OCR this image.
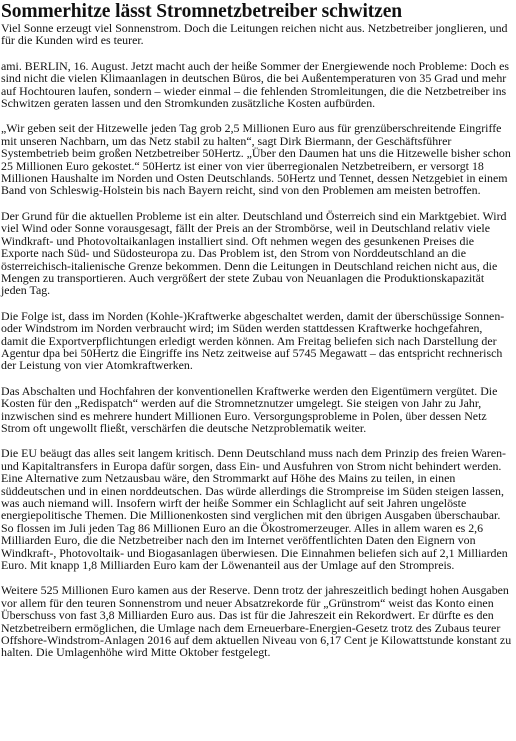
Sommerhitze lässt Stromnetzbetreiber schwitzen

Viel Sonne erzeugt viel Sonnenstrom. Doch die Leitungen reichen nicht aus. Netzbetreiber jonglieren, und für die Kunden wird es teurer.

ami. BERLIN, 16. August. Jetzt macht auch der heiße Sommer der Energiewende noch Probleme: Doch es sind nicht die vielen Klimaanlagen in deutschen Büros, die bei Außentemperaturen von 35 Grad und mehr auf Hochtouren laufen, sondern – wieder einmal – die fehlenden Stromleitungen, die die Netzbetreiber ins Schwitzen geraten lassen und den Stromkunden zusätzliche Kosten aufbürden.

„Wir geben seit der Hitzewelle jeden Tag grob 2,5 Millionen Euro aus für grenzüberschreitende Eingriffe mit unseren Nachbarn, um das Netz stabil zu halten“, sagt Dirk Biermann, der Geschäftsführer Systembetrieb beim großen Netzbetreiber 50Hertz. „Über den Daumen hat uns die Hitzewelle bisher schon 25 Millionen Euro gekostet.“ 50Hertz ist einer von vier überregionalen Netzbetreibern, er versorgt 18 Millionen Haushalte im Norden und Osten Deutschlands. 50Hertz und Tennet, dessen Netzgebiet in einem Band von Schleswig-Holstein bis nach Bayern reicht, sind von den Problemen am meisten betroffen.

Der Grund für die aktuellen Probleme ist ein alter. Deutschland und Österreich sind ein Marktgebiet. Wird viel Wind oder Sonne vorausgesagt, fällt der Preis an der Strombörse, weil in Deutschland relativ viele Windkraft- und Photovoltaikanlagen installiert sind. Oft nehmen wegen des gesunkenen Preises die Exporte nach Süd- und Südosteuropa zu. Das Problem ist, den Strom von Norddeutschland an die österreichisch-italienische Grenze bekommen. Denn die Leitungen in Deutschland reichen nicht aus, die Mengen zu transportieren. Auch vergrößert der stete Zubau von Neuanlagen die Produktionskapazität jeden Tag.

Die Folge ist, dass im Norden (Kohle-)Kraftwerke abgeschaltet werden, damit der überschüssige Sonnen- oder Windstrom im Norden verbraucht wird; im Süden werden stattdessen Kraftwerke hochgefahren, damit die Exportverpflichtungen erledigt werden können. Am Freitag beliefen sich nach Darstellung der Agentur dpa bei 50Hertz die Eingriffe ins Netz zeitweise auf 5745 Megawatt – das entspricht rechnerisch der Leistung von vier Atomkraftwerken.

Das Abschalten und Hochfahren der konventionellen Kraftwerke werden den Eigentümern vergütet. Die Kosten für den „Redispatch“ werden auf die Stromnetznutzer umgelegt. Sie steigen von Jahr zu Jahr, inzwischen sind es mehrere hundert Millionen Euro. Versorgungsprobleme in Polen, über dessen Netz Strom oft ungewollt fließt, verschärfen die deutsche Netzproblematik weiter.

Die EU beäugt das alles seit langem kritisch. Denn Deutschland muss nach dem Prinzip des freien Waren- und Kapitaltransfers in Europa dafür sorgen, dass Ein- und Ausfuhren von Strom nicht behindert werden. Eine Alternative zum Netzausbau wäre, den Strommarkt auf Höhe des Mains zu teilen, in einen süddeutschen und in einen norddeutschen. Das würde allerdings die Strompreise im Süden steigen lassen, was auch niemand will. Insofern wirft der heiße Sommer ein Schlaglicht auf seit Jahren ungelöste energiepolitische Themen. Die Millionenkosten sind verglichen mit den übrigen Ausgaben überschaubar. So flossen im Juli jeden Tag 86 Millionen Euro an die Ökostromerzeuger. Alles in allem waren es 2,6 Milliarden Euro, die die Netzbetreiber nach den im Internet veröffentlichten Daten den Eignern von Windkraft-, Photovoltaik- und Biogasanlagen überwiesen. Die Einnahmen beliefen sich auf 2,1 Milliarden Euro. Mit knapp 1,8 Milliarden Euro kam der Löwenanteil aus der Umlage auf den Strompreis.

Weitere 525 Millionen Euro kamen aus der Reserve. Denn trotz der jahreszeitlich bedingt hohen Ausgaben vor allem für den teuren Sonnenstrom und neuer Absatzrekorde für „Grünstrom“ weist das Konto einen Überschuss von fast 3,8 Milliarden Euro aus. Das ist für die Jahreszeit ein Rekordwert. Er dürfte es den Netzbetreibern ermöglichen, die Umlage nach dem Erneuerbare-Energien-Gesetz trotz des Zubaus teurer Offshore-Windstrom-Anlagen 2016 auf dem aktuellen Niveau von 6,17 Cent je Kilowattstunde konstant zu halten. Die Umlagenhöhe wird Mitte Oktober festgelegt.
